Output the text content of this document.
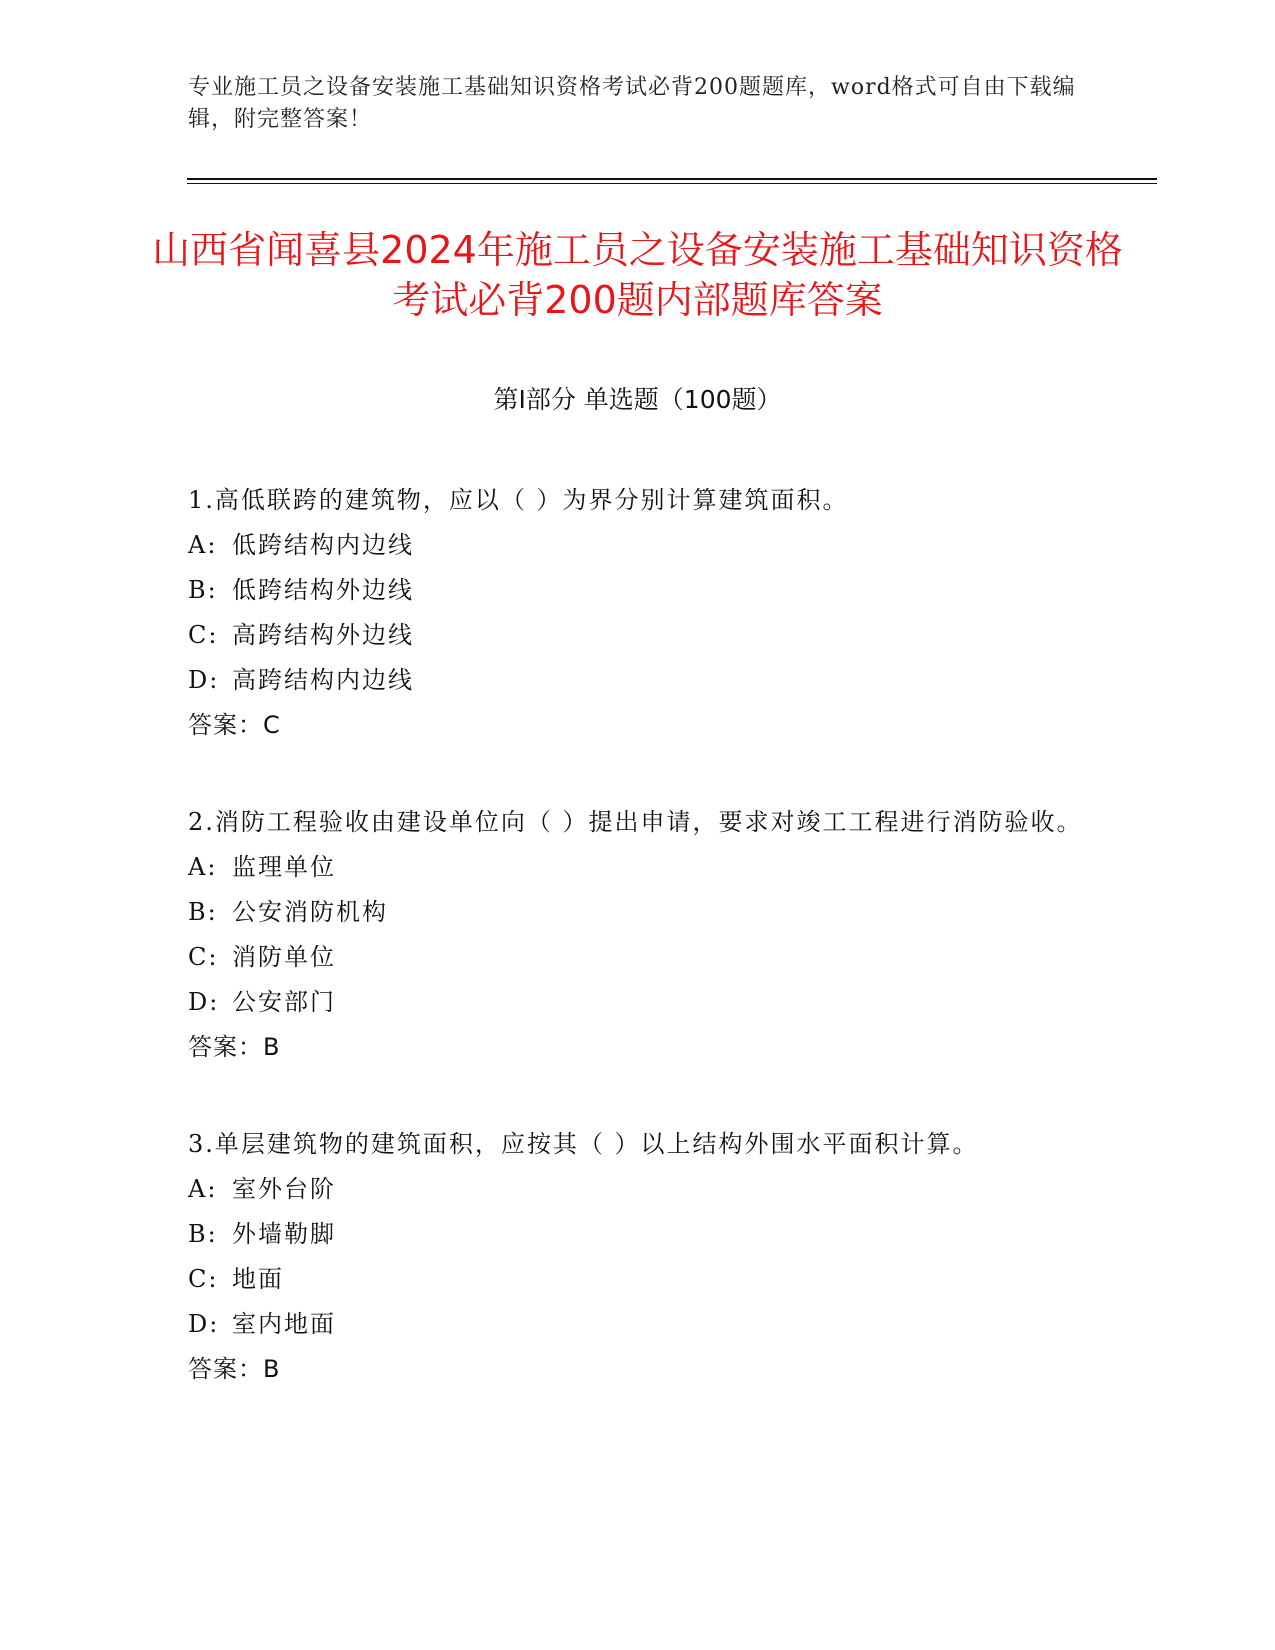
专业施工员之设备安装施工基础知识资格考试必背200题题库，word格式可自由下载编辑，附完整答案！
山西省闻喜县2024年施工员之设备安装施工基础知识资格考试必背200题内部题库答案
第Ⅰ部分 单选题（100题）

1.高低联跨的建筑物，应以（ ）为界分别计算建筑面积。

A: 低跨结构内边线

B: 低跨结构外边线

C: 高跨结构外边线

D: 高跨结构内边线

答案：C

2.消防工程验收由建设单位向（ ）提出申请，要求对竣工工程进行消防验收。

A: 监理单位

B: 公安消防机构

C: 消防单位

D: 公安部门

答案：B

3.单层建筑物的建筑面积，应按其（ ）以上结构外围水平面积计算。

A: 室外台阶

B: 外墙勒脚

C: 地面

D: 室内地面

答案：B
